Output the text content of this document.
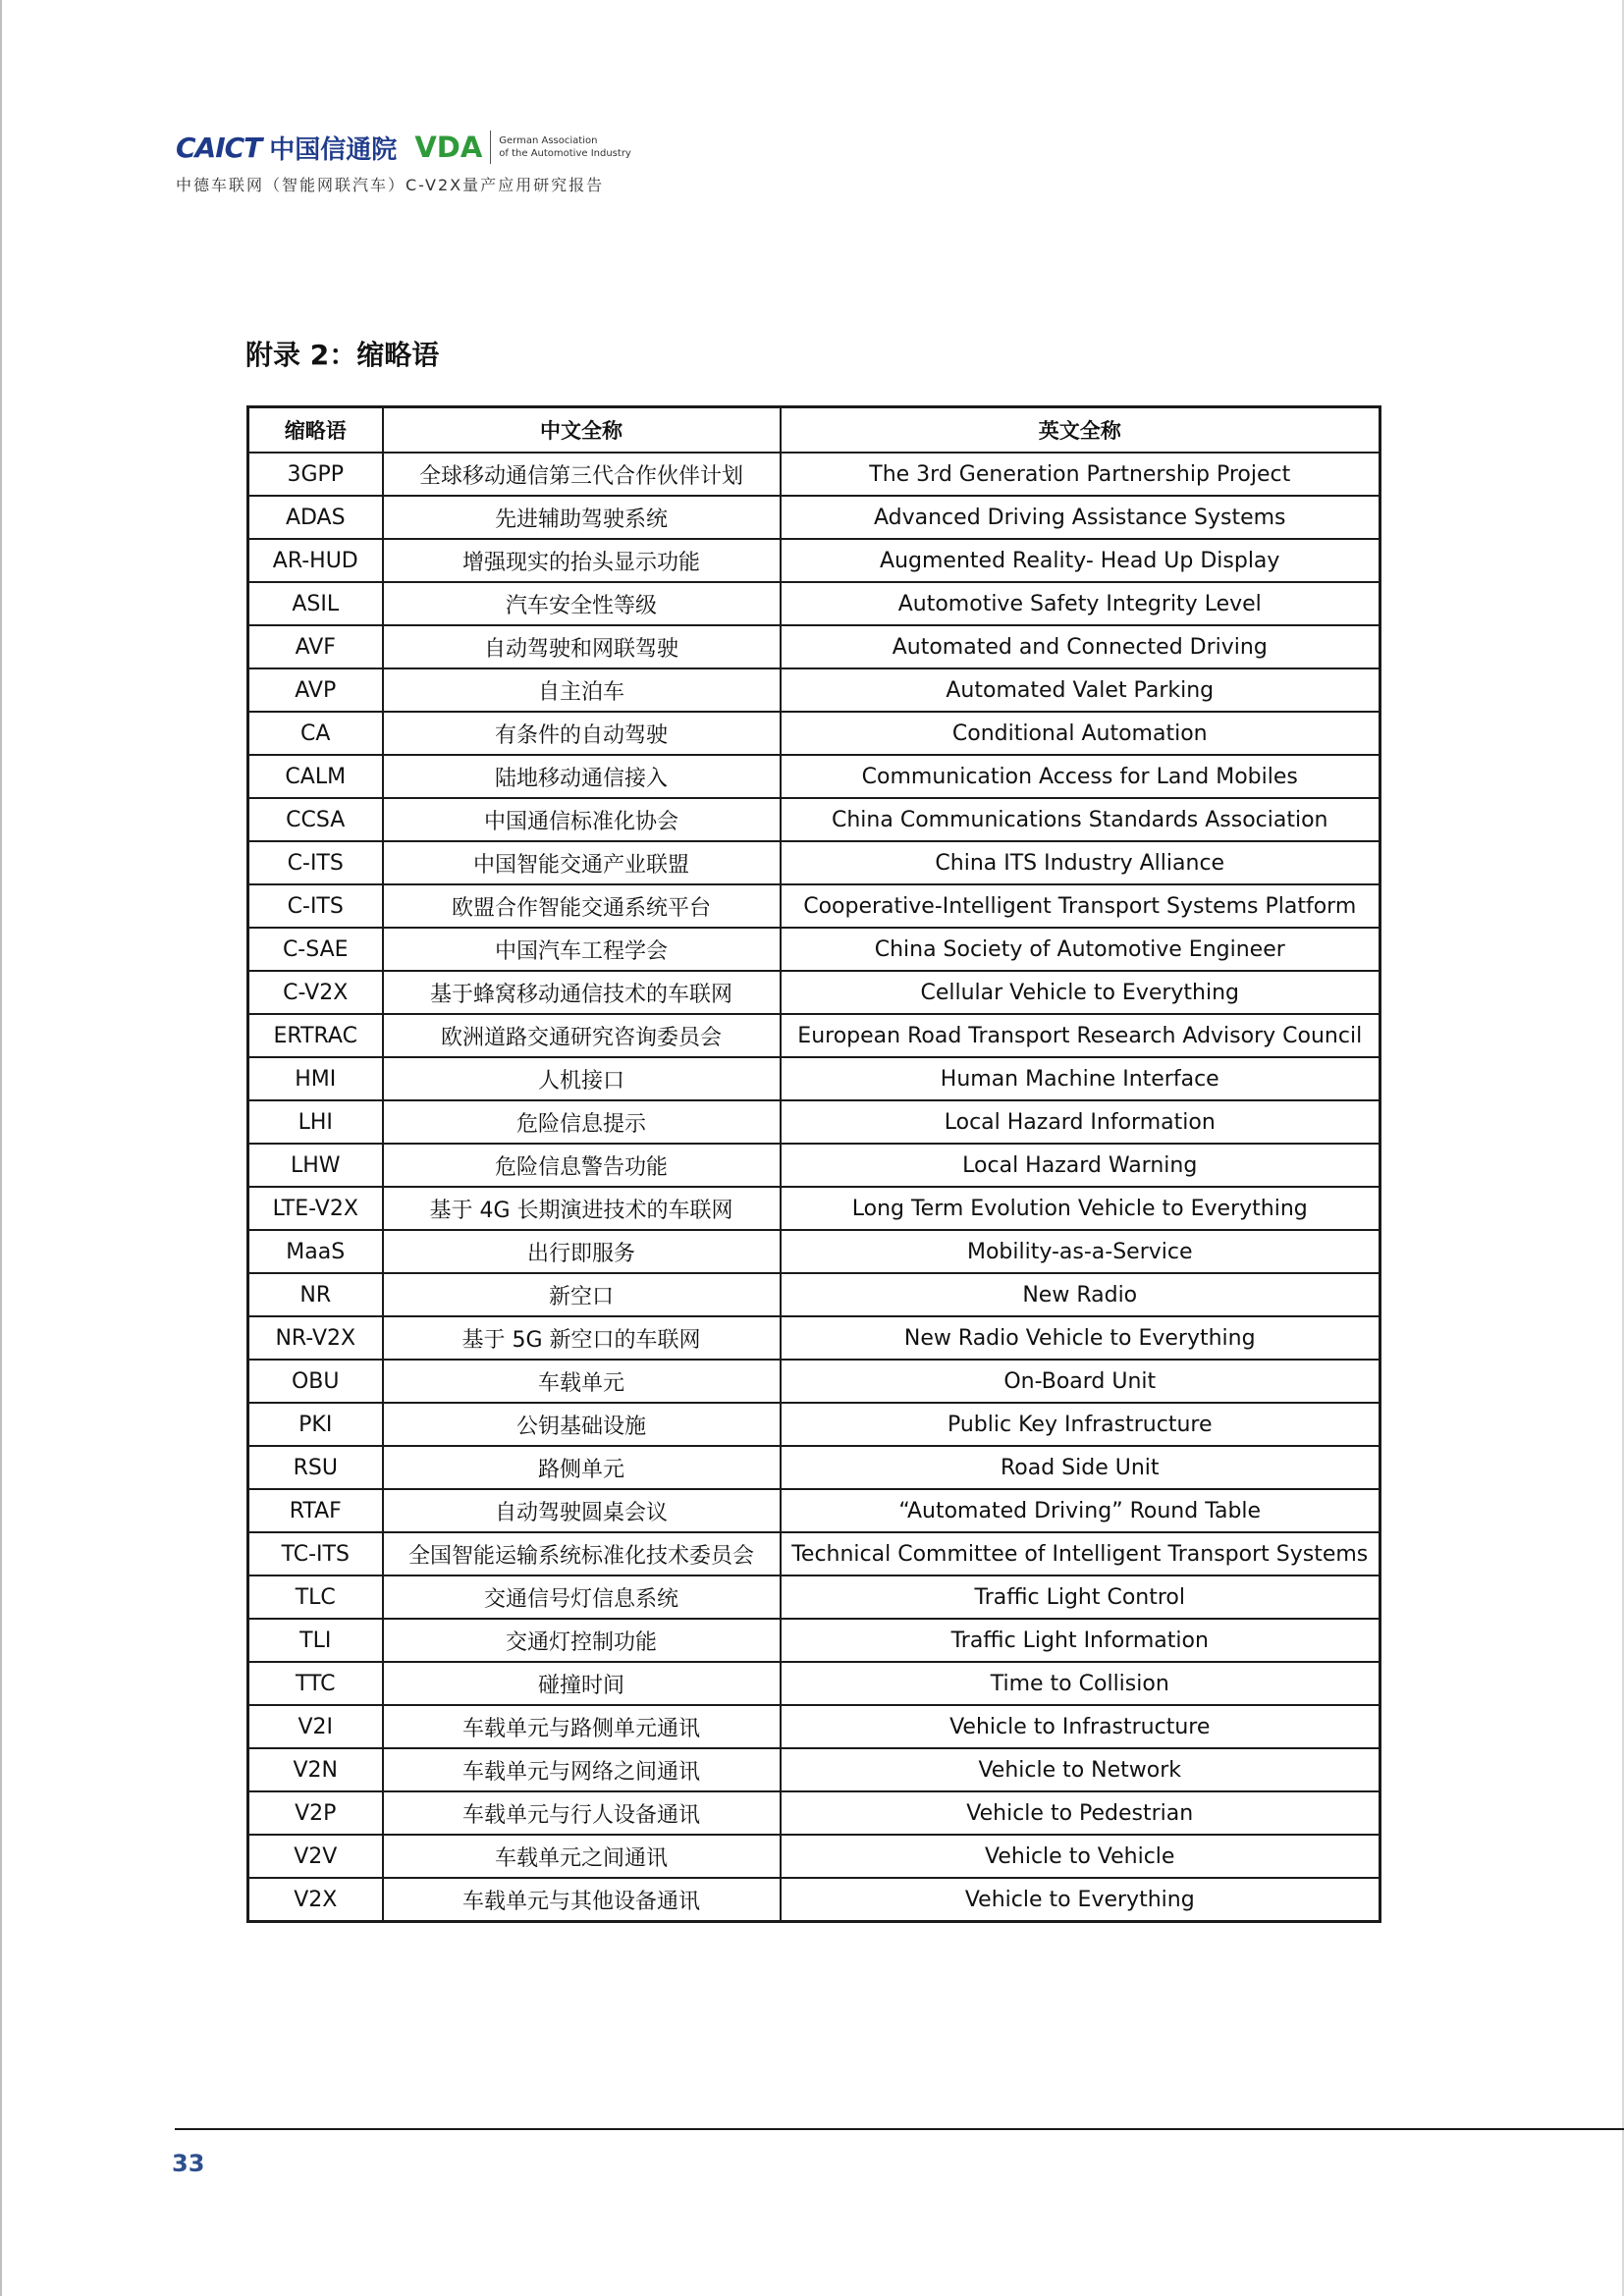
CAICT 中国信通院 VDA German Association
of the Automotive Industry
中德车联网（智能网联汽车）C-V2X量产应用研究报告
附录 2：缩略语
缩略语	中文全称	英文全称
3GPP	全球移动通信第三代合作伙伴计划	The 3rd Generation Partnership Project
ADAS	先进辅助驾驶系统	Advanced Driving Assistance Systems
AR-HUD	增强现实的抬头显示功能	Augmented Reality- Head Up Display
ASIL	汽车安全性等级	Automotive Safety Integrity Level
AVF	自动驾驶和网联驾驶	Automated and Connected Driving
AVP	自主泊车	Automated Valet Parking
CA	有条件的自动驾驶	Conditional Automation
CALM	陆地移动通信接入	Communication Access for Land Mobiles
CCSA	中国通信标准化协会	China Communications Standards Association
C-ITS	中国智能交通产业联盟	China ITS Industry Alliance
C-ITS	欧盟合作智能交通系统平台	Cooperative-Intelligent Transport Systems Platform
C-SAE	中国汽车工程学会	China Society of Automotive Engineer
C-V2X	基于蜂窝移动通信技术的车联网	Cellular Vehicle to Everything
ERTRAC	欧洲道路交通研究咨询委员会	European Road Transport Research Advisory Council
HMI	人机接口	Human Machine Interface
LHI	危险信息提示	Local Hazard Information
LHW	危险信息警告功能	Local Hazard Warning
LTE-V2X	基于 4G 长期演进技术的车联网	Long Term Evolution Vehicle to Everything
MaaS	出行即服务	Mobility-as-a-Service
NR	新空口	New Radio
NR-V2X	基于 5G 新空口的车联网	New Radio Vehicle to Everything
OBU	车载单元	On-Board Unit
PKI	公钥基础设施	Public Key Infrastructure
RSU	路侧单元	Road Side Unit
RTAF	自动驾驶圆桌会议	“Automated Driving” Round Table
TC-ITS	全国智能运输系统标准化技术委员会	Technical Committee of Intelligent Transport Systems
TLC	交通信号灯信息系统	Traffic Light Control
TLI	交通灯控制功能	Traffic Light Information
TTC	碰撞时间	Time to Collision
V2I	车载单元与路侧单元通讯	Vehicle to Infrastructure
V2N	车载单元与网络之间通讯	Vehicle to Network
V2P	车载单元与行人设备通讯	Vehicle to Pedestrian
V2V	车载单元之间通讯	Vehicle to Vehicle
V2X	车载单元与其他设备通讯	Vehicle to Everything
33
